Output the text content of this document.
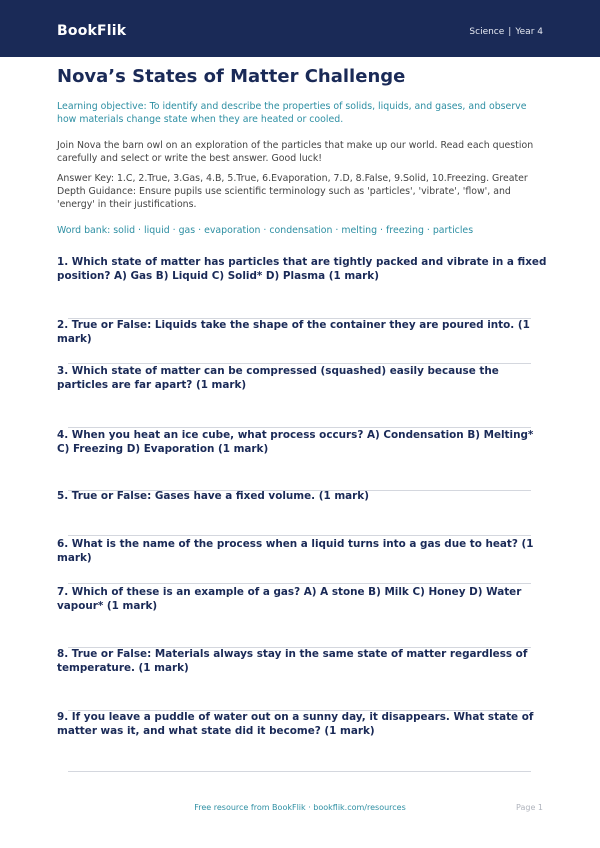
BookFlik	Science | Year 4
Nova’s States of Matter Challenge
Learning objective: To identify and describe the properties of solids, liquids, and gases, and observe how materials change state when they are heated or cooled.
Join Nova the barn owl on an exploration of the particles that make up our world. Read each question carefully and select or write the best answer. Good luck!
Answer Key: 1.C, 2.True, 3.Gas, 4.B, 5.True, 6.Evaporation, 7.D, 8.False, 9.Solid, 10.Freezing. Greater Depth Guidance: Ensure pupils use scientific terminology such as 'particles', 'vibrate', 'flow', and 'energy' in their justifications.
Word bank: solid · liquid · gas · evaporation · condensation · melting · freezing · particles
1. Which state of matter has particles that are tightly packed and vibrate in a fixed position? A) Gas B) Liquid C) Solid* D) Plasma (1 mark)
2. True or False: Liquids take the shape of the container they are poured into. (1 mark)
3. Which state of matter can be compressed (squashed) easily because the particles are far apart? (1 mark)
4. When you heat an ice cube, what process occurs? A) Condensation B) Melting* C) Freezing D) Evaporation (1 mark)
5. True or False: Gases have a fixed volume. (1 mark)
6. What is the name of the process when a liquid turns into a gas due to heat? (1 mark)
7. Which of these is an example of a gas? A) A stone B) Milk C) Honey D) Water vapour* (1 mark)
8. True or False: Materials always stay in the same state of matter regardless of temperature. (1 mark)
9. If you leave a puddle of water out on a sunny day, it disappears. What state of matter was it, and what state did it become? (1 mark)
Free resource from BookFlik · bookflik.com/resources	Page 1
